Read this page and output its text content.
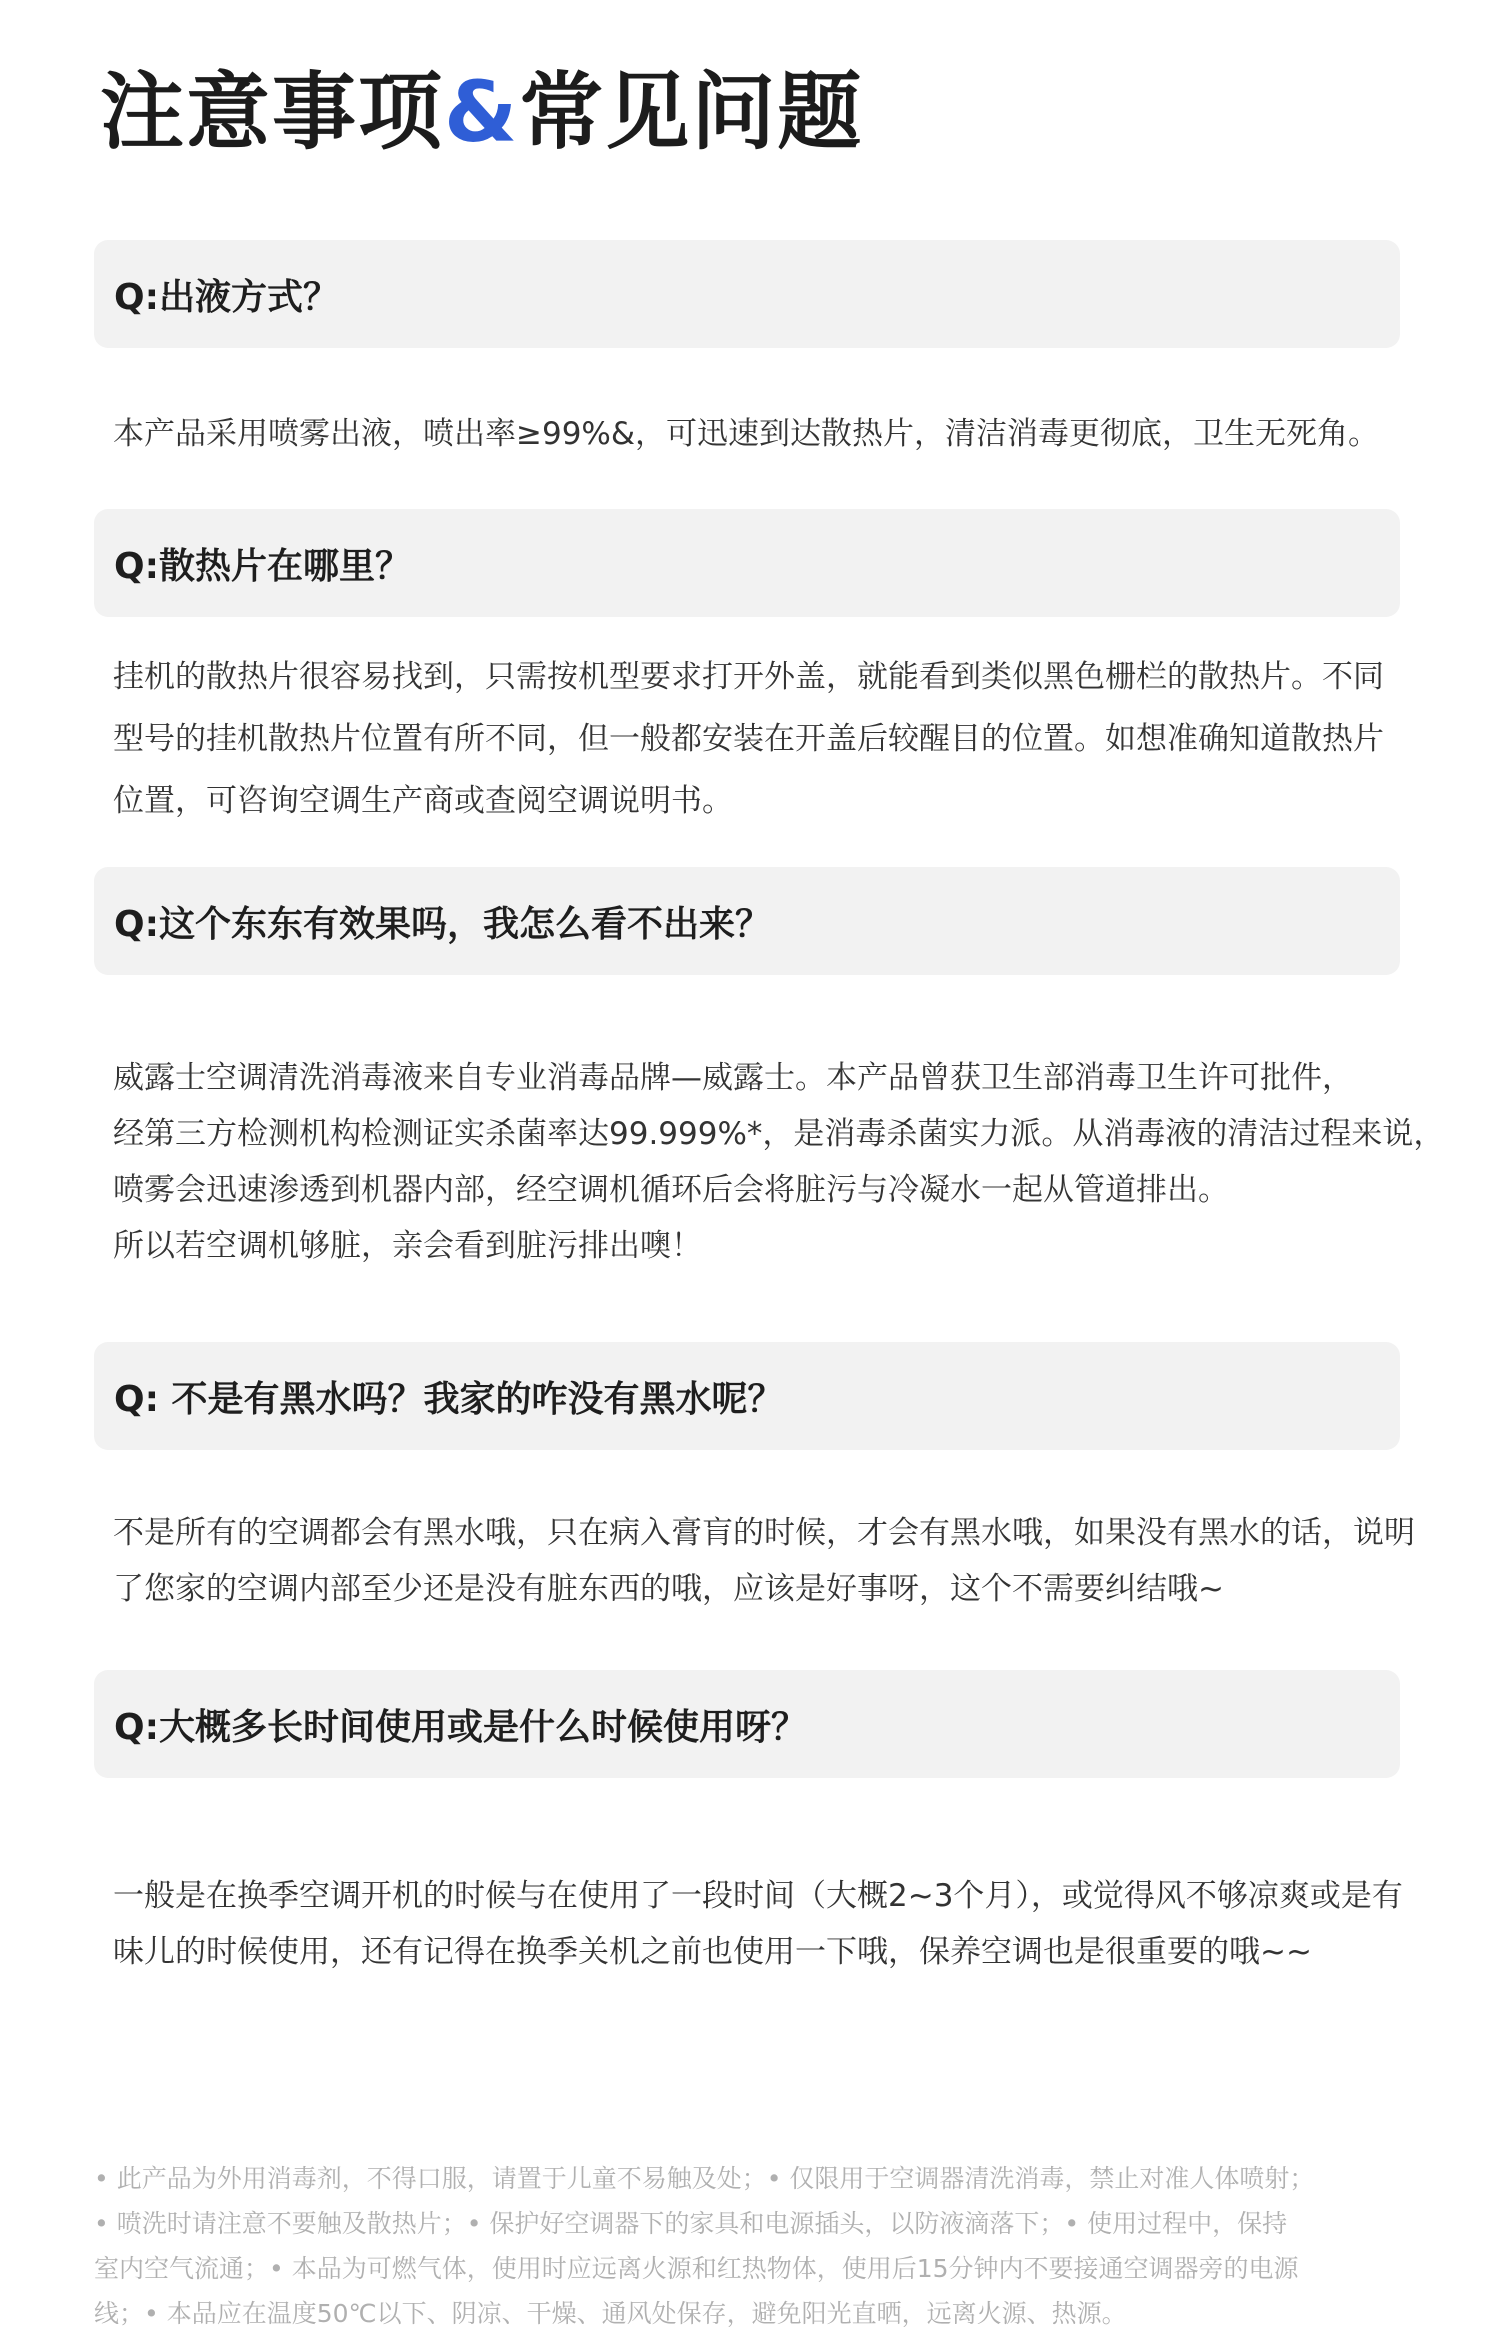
注意事项&常见问题
Q:出液方式？

本产品采用喷雾出液，喷出率≥99%&，可迅速到达散热片，清洁消毒更彻底，卫生无死角。

Q:散热片在哪里？

挂机的散热片很容易找到，只需按机型要求打开外盖，就能看到类似黑色栅栏的散热片。不同

型号的挂机散热片位置有所不同，但一般都安装在开盖后较醒目的位置。如想准确知道散热片

位置，可咨询空调生产商或查阅空调说明书。

Q:这个东东有效果吗，我怎么看不出来？

威露士空调清洗消毒液来自专业消毒品牌—威露士。本产品曾获卫生部消毒卫生许可批件，

经第三方检测机构检测证实杀菌率达99.999%*，是消毒杀菌实力派。从消毒液的清洁过程来说，

喷雾会迅速渗透到机器内部，经空调机循环后会将脏污与冷凝水一起从管道排出。

所以若空调机够脏，亲会看到脏污排出噢！

Q: 不是有黑水吗？我家的咋没有黑水呢？

不是所有的空调都会有黑水哦，只在病入膏肓的时候，才会有黑水哦，如果没有黑水的话，说明

了您家的空调内部至少还是没有脏东西的哦，应该是好事呀，这个不需要纠结哦~

Q:大概多长时间使用或是什么时候使用呀？

一般是在换季空调开机的时候与在使用了一段时间（大概2~3个月），或觉得风不够凉爽或是有

味儿的时候使用，还有记得在换季关机之前也使用一下哦，保养空调也是很重要的哦~~

• 此产品为外用消毒剂，不得口服，请置于儿童不易触及处；• 仅限用于空调器清洗消毒，禁止对准人体喷射；

• 喷洗时请注意不要触及散热片；• 保护好空调器下的家具和电源插头，以防液滴落下；• 使用过程中，保持

室内空气流通；• 本品为可燃气体，使用时应远离火源和红热物体，使用后15分钟内不要接通空调器旁的电源

线；• 本品应在温度50℃以下、阴凉、干燥、通风处保存，避免阳光直晒，远离火源、热源。
